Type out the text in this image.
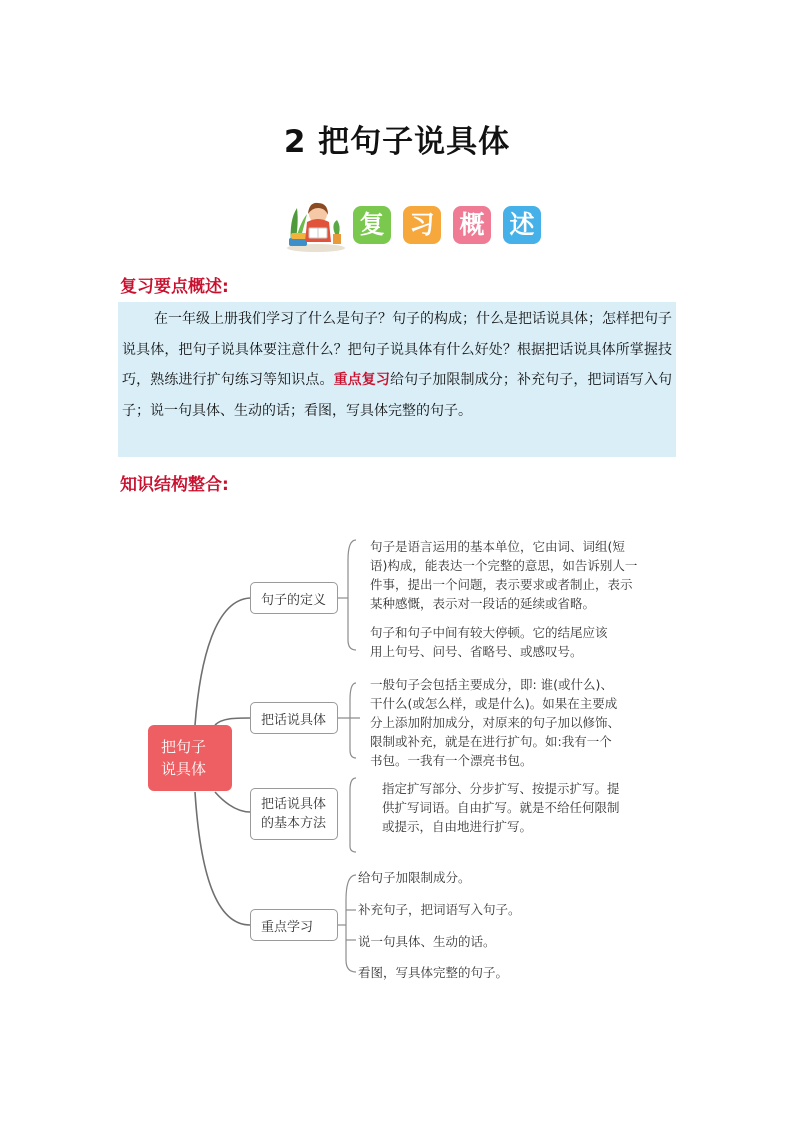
2 把句子说具体
复 习 概 述
复习要点概述:
在一年级上册我们学习了什么是句子？句子的构成；什么是把话说具体；怎样把句子说具体，把句子说具体要注意什么？把句子说具体有什么好处？根据把话说具体所掌握技巧，熟练进行扩句练习等知识点。重点复习给句子加限制成分；补充句子，把词语写入句子；说一句具体、生动的话；看图，写具体完整的句子。
知识结构整合:
把句子
说具体
句子的定义
把话说具体
把话说具体的基本方法
重点学习
句子是语言运用的基本单位，它由词、词组(短语)构成，能表达一个完整的意思，如告诉别人一件事，提出一个问题，表示要求或者制止，表示某种感慨，表示对一段话的延续或省略。
句子和句子中间有较大停顿。它的结尾应该用上句号、问号、省略号、或感叹号。
一般句子会包括主要成分，即: 谁(或什么)、干什么(或怎么样，或是什么)。如果在主要成分上添加附加成分，对原来的句子加以修饰、限制或补充，就是在进行扩句。如:我有一个书包。一我有一个漂亮书包。
指定扩写部分、分步扩写、按提示扩写。提供扩写词语。自由扩写。就是不给任何限制或提示，自由地进行扩写。
给句子加限制成分。
补充句子，把词语写入句子。
说一句具体、生动的话。
看图，写具体完整的句子。
